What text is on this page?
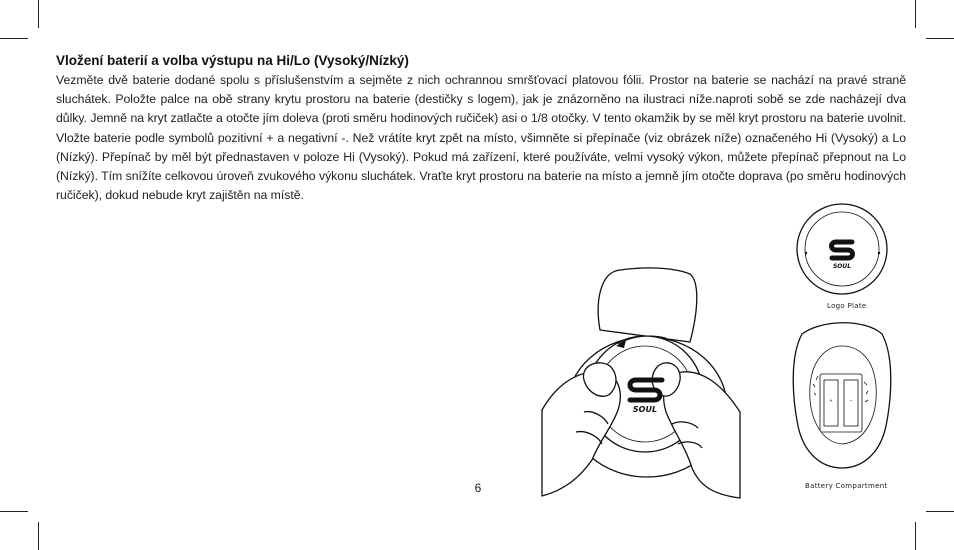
Vložení baterií a volba výstupu na Hi/Lo (Vysoký/Nízký)
Vezměte dvě baterie dodané spolu s příslušenstvím a sejměte z nich ochrannou smršťovací platovou fólii. Prostor na baterie se nachází na pravé straně sluchátek. Položte palce na obě strany krytu prostoru na baterie (destičky s logem), jak je znázorněno na ilustraci níže.naproti sobě se zde nacházejí dva důlky. Jemně na kryt zatlačte a otočte jím doleva (proti směru hodinových ručiček) asi o 1/8 otočky. V tento okamžik by se měl kryt prostoru na baterie uvolnit. Vložte baterie podle symbolů pozitivní + a negativní -. Než vrátíte kryt zpět na místo, všimněte si přepínače (viz obrázek níže) označeného Hi (Vysoký) a Lo (Nízký). Přepínač by měl být přednastaven v poloze Hi (Vysoký). Pokud má zařízení, které používáte, velmi vysoký výkon, můžete přepínač přepnout na Lo (Nízký). Tím snížíte celkovou úroveň zvukového výkonu sluchátek. Vraťte kryt prostoru na baterie na místo a jemně jím otočte doprava (po směru hodinových ručiček), dokud nebude kryt zajištěn na místě.
SOUL
SOUL
Logo Plate
+	−
Battery Compartment
6
